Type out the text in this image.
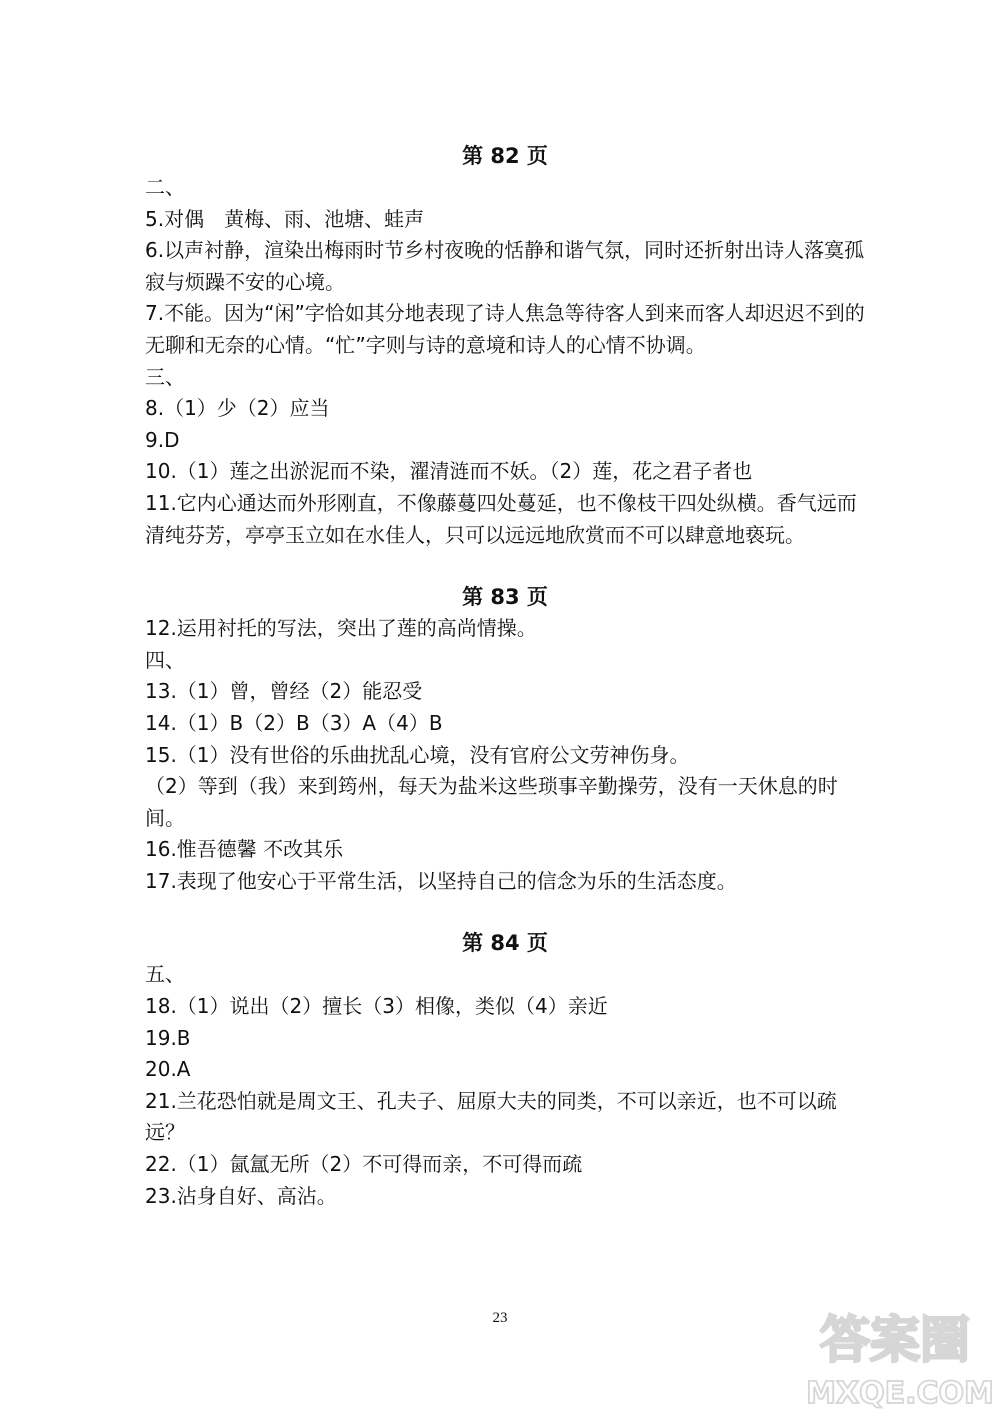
第 82 页
二、
5.对偶　黄梅、雨、池塘、蛙声
6.以声衬静，渲染出梅雨时节乡村夜晚的恬静和谐气氛，同时还折射出诗人落寞孤寂与烦躁不安的心境。
7.不能。因为“闲”字恰如其分地表现了诗人焦急等待客人到来而客人却迟迟不到的无聊和无奈的心情。“忙”字则与诗的意境和诗人的心情不协调。
三、
8.（1）少（2）应当
9.D
10.（1）莲之出淤泥而不染，濯清涟而不妖。（2）莲，花之君子者也
11.它内心通达而外形刚直，不像藤蔓四处蔓延，也不像枝干四处纵横。香气远而清纯芬芳，亭亭玉立如在水佳人，只可以远远地欣赏而不可以肆意地亵玩。
第 83 页
12.运用衬托的写法，突出了莲的高尚情操。
四、
13.（1）曾，曾经（2）能忍受
14.（1）B（2）B（3）A（4）B
15.（1）没有世俗的乐曲扰乱心境，没有官府公文劳神伤身。
（2）等到（我）来到筠州，每天为盐米这些琐事辛勤操劳，没有一天休息的时间。
16.惟吾德馨 不改其乐
17.表现了他安心于平常生活，以坚持自己的信念为乐的生活态度。
第 84 页
五、
18.（1）说出（2）擅长（3）相像，类似（4）亲近
19.B
20.A
21.兰花恐怕就是周文王、孔夫子、屈原大夫的同类，不可以亲近，也不可以疏远？
22.（1）氤氲无所（2）不可得而亲，不可得而疏
23.沾身自好、高沾。
23	答案圈
MXQE.COM
